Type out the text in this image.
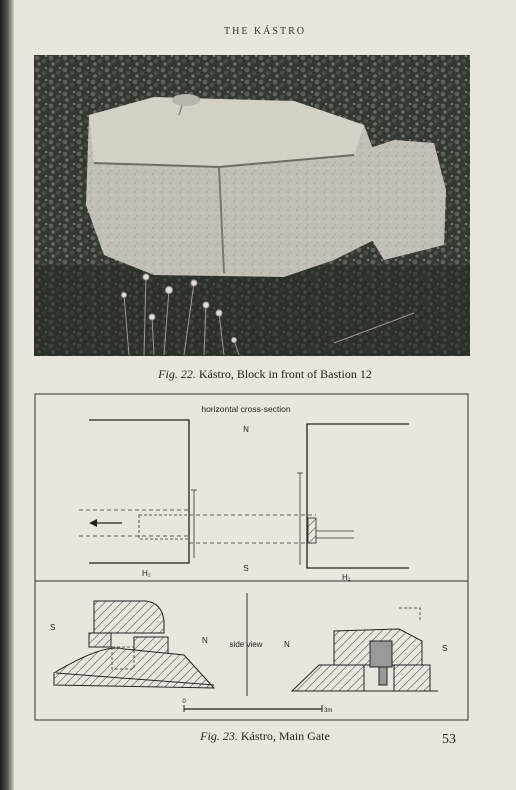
THE KÁSTRO
Fig. 22. Kástro, Block in front of Bastion 12
horizontal cross-section
N
S
H₂	H₁
S
N	side view	N	S
0
3m
Fig. 23. Kástro, Main Gate	53
